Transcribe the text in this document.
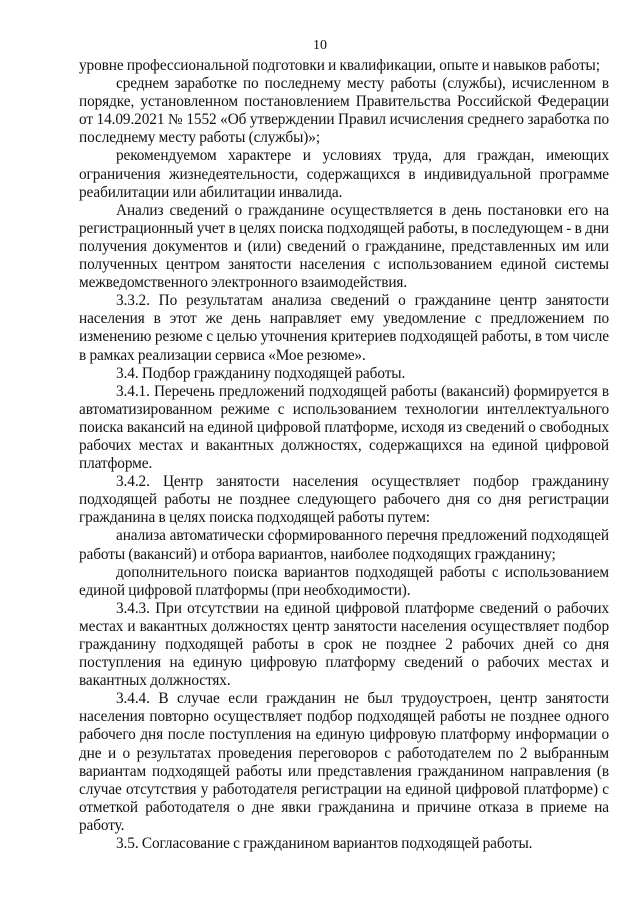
10

уровне профессиональной подготовки и квалификации, опыте и навыков работы;

среднем заработке по последнему месту работы (службы), исчисленном в порядке, установленном постановлением Правительства Российской Федерации от 14.09.2021 № 1552 «Об утверждении Правил исчисления среднего заработка по последнему месту работы (службы)»;

рекомендуемом характере и условиях труда, для граждан, имеющих ограничения жизнедеятельности, содержащихся в индивидуальной программе реабилитации или абилитации инвалида.

Анализ сведений о гражданине осуществляется в день постановки его на регистрационный учет в целях поиска подходящей работы, в последующем - в дни получения документов и (или) сведений о гражданине, представленных им или полученных центром занятости населения с использованием единой системы межведомственного электронного взаимодействия.

3.3.2. По результатам анализа сведений о гражданине центр занятости населения в этот же день направляет ему уведомление с предложением по изменению резюме с целью уточнения критериев подходящей работы, в том числе в рамках реализации сервиса «Мое резюме».

3.4. Подбор гражданину подходящей работы.

3.4.1. Перечень предложений подходящей работы (вакансий) формируется в автоматизированном режиме с использованием технологии интеллектуального поиска вакансий на единой цифровой платформе, исходя из сведений о свободных рабочих местах и вакантных должностях, содержащихся на единой цифровой платформе.

3.4.2. Центр занятости населения осуществляет подбор гражданину подходящей работы не позднее следующего рабочего дня со дня регистрации гражданина в целях поиска подходящей работы путем:

анализа автоматически сформированного перечня предложений подходящей работы (вакансий) и отбора вариантов, наиболее подходящих гражданину;

дополнительного поиска вариантов подходящей работы с использованием единой цифровой платформы (при необходимости).

3.4.3. При отсутствии на единой цифровой платформе сведений о рабочих местах и вакантных должностях центр занятости населения осуществляет подбор гражданину подходящей работы в срок не позднее 2 рабочих дней со дня поступления на единую цифровую платформу сведений о рабочих местах и вакантных должностях.

3.4.4. В случае если гражданин не был трудоустроен, центр занятости населения повторно осуществляет подбор подходящей работы не позднее одного рабочего дня после поступления на единую цифровую платформу информации о дне и о результатах проведения переговоров с работодателем по 2 выбранным вариантам подходящей работы или представления гражданином направления (в случае отсутствия у работодателя регистрации на единой цифровой платформе) с отметкой работодателя о дне явки гражданина и причине отказа в приеме на работу.

3.5. Согласование с гражданином вариантов подходящей работы.
